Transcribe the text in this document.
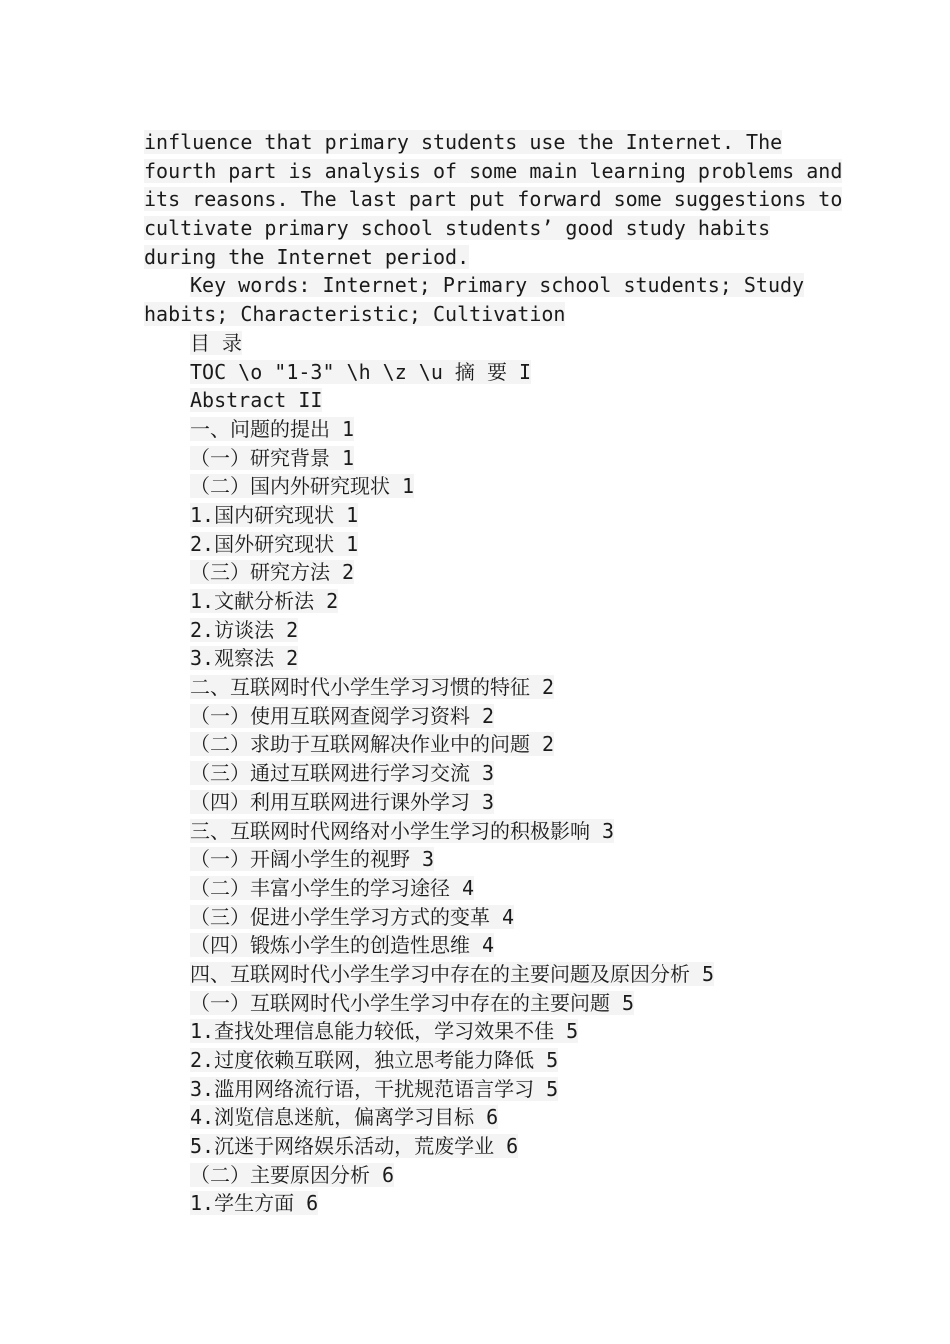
influence that primary students use the Internet. The
fourth part is analysis of some main learning problems and
its reasons. The last part put forward some suggestions to
cultivate primary school students’ good study habits
during the Internet period.
Key words: Internet; Primary school students; Study
habits; Characteristic; Cultivation
目 录
TOC \o "1-3" \h \z \u 摘 要 I
Abstract II
一、问题的提出 1
（一）研究背景 1
（二）国内外研究现状 1
1.国内研究现状 1
2.国外研究现状 1
（三）研究方法 2
1.文献分析法 2
2.访谈法 2
3.观察法 2
二、互联网时代小学生学习习惯的特征 2
（一）使用互联网查阅学习资料 2
（二）求助于互联网解决作业中的问题 2
（三）通过互联网进行学习交流 3
（四）利用互联网进行课外学习 3
三、互联网时代网络对小学生学习的积极影响 3
（一）开阔小学生的视野 3
（二）丰富小学生的学习途径 4
（三）促进小学生学习方式的变革 4
（四）锻炼小学生的创造性思维 4
四、互联网时代小学生学习中存在的主要问题及原因分析 5
（一）互联网时代小学生学习中存在的主要问题 5
1.查找处理信息能力较低，学习效果不佳 5
2.过度依赖互联网，独立思考能力降低 5
3.滥用网络流行语，干扰规范语言学习 5
4.浏览信息迷航，偏离学习目标 6
5.沉迷于网络娱乐活动，荒废学业 6
（二）主要原因分析 6
1.学生方面 6
